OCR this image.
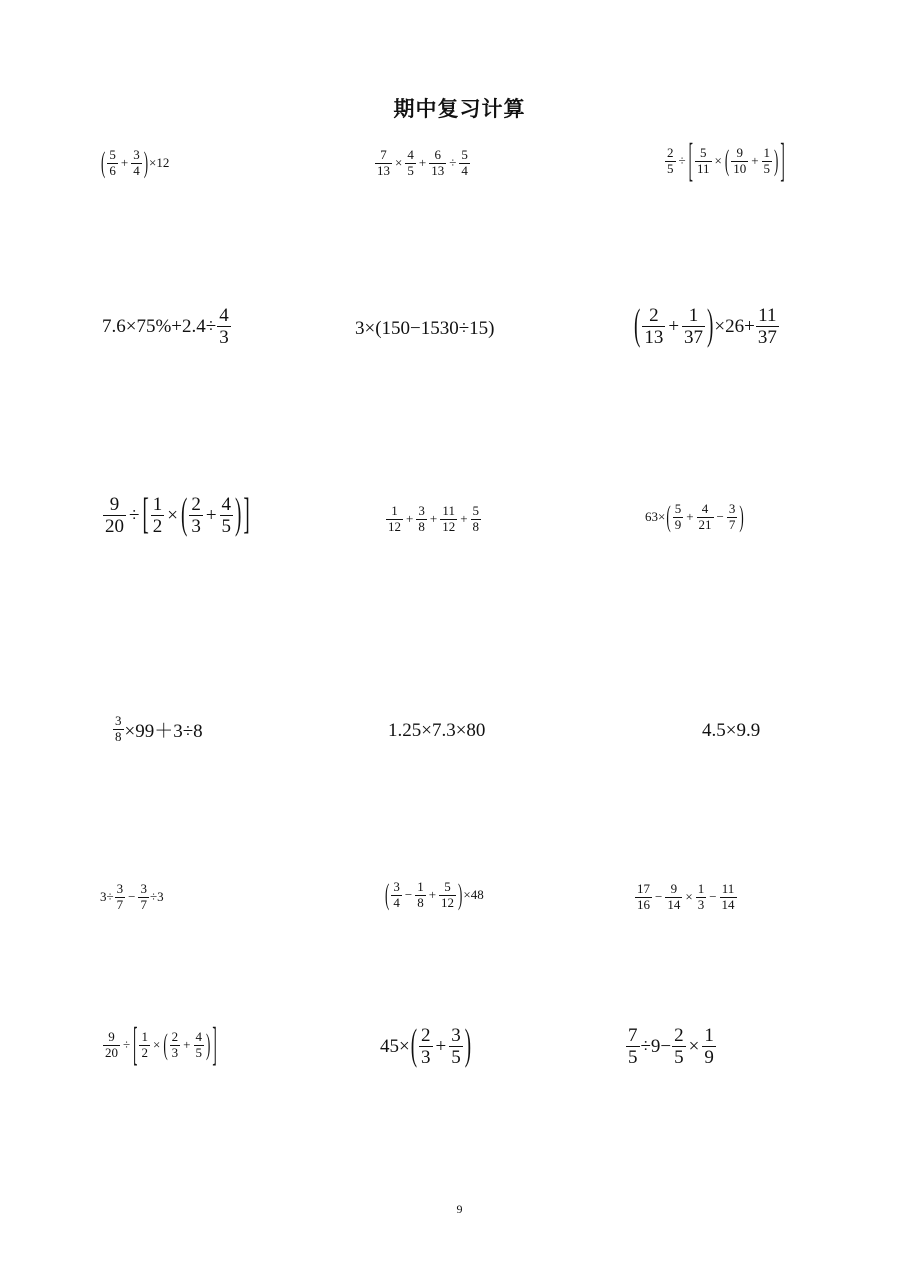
期中复习计算
( $\frac{5}{6} + \frac{3}{4}$ ) ×12	$\frac{7}{13} \times \frac{4}{5} + \frac{6}{13} \div \frac{5}{4}$	$\frac{2}{5}$ ÷ [ $\frac{5}{11}$ × ( $\frac{9}{10} + \frac{1}{5}$ ) ]
$7.6\times 75\%+2.4\div \frac{4}{3}$	3×(150−1530÷15)	( $\frac{2}{13} + \frac{1}{37}$ ) $\times 26+ \frac{11}{37}$
$\frac{9}{20}$ ÷ [ $\frac{1}{2}$ × ( $\frac{2}{3} + \frac{4}{5}$ ) ]	$\frac{1}{12} + \frac{3}{8} + \frac{11}{12} + \frac{5}{8}$	63× ( $\frac{5}{9} + \frac{4}{21} - \frac{3}{7}$ )
$\frac{3}{8} \times 99+3\div 8$	1.25×7.3×80	4.5×9.9
$3\div \frac{3}{7} - \frac{3}{7} \div 3$	( $\frac{3}{4} - \frac{1}{8} + \frac{5}{12}$ ) ×48	$\frac{17}{16} - \frac{9}{14} \times \frac{1}{3} - \frac{11}{14}$
$\frac{9}{20}$ ÷ [ $\frac{1}{2}$ × ( $\frac{2}{3} + \frac{4}{5}$ ) ]	45× ( $\frac{2}{3} + \frac{3}{5}$ )	$\frac{7}{5} \div 9- \frac{2}{5} \times \frac{1}{9}$
9
